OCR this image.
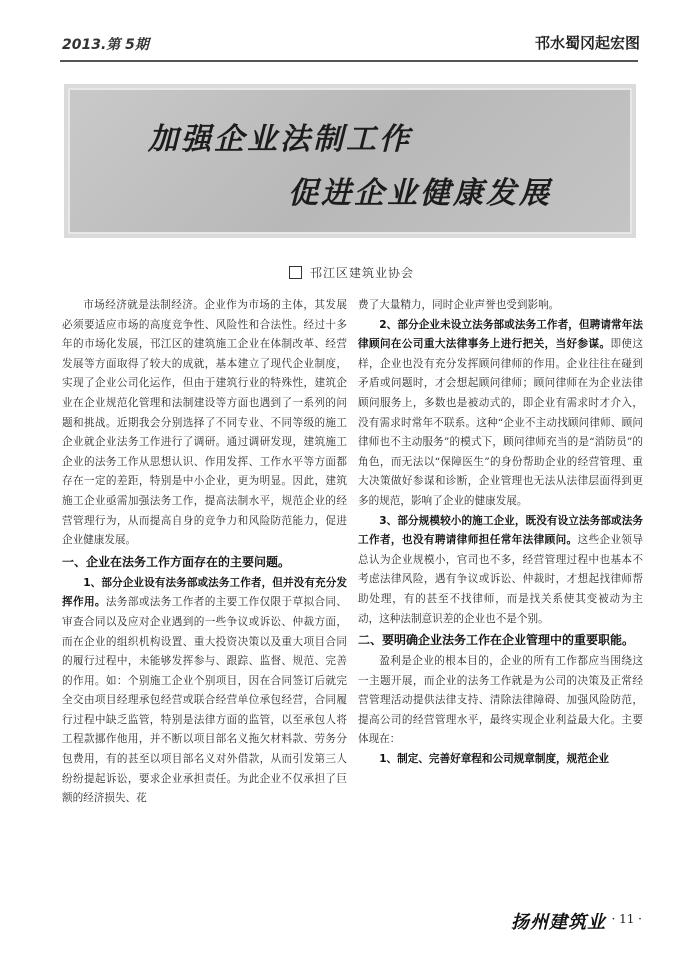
2013.第 5期	邗水蜀冈起宏图
加强企业法制工作
促进企业健康发展
邗江区建筑业协会

市场经济就是法制经济。企业作为市场的主体，其发展必须要适应市场的高度竞争性、风险性和合法性。经过十多年的市场化发展，邗江区的建筑施工企业在体制改革、经营发展等方面取得了较大的成就，基本建立了现代企业制度，实现了企业公司化运作，但由于建筑行业的特殊性，建筑企业在企业规范化管理和法制建设等方面也遇到了一系列的问题和挑战。近期我会分别选择了不同专业、不同等级的施工企业就企业法务工作进行了调研。通过调研发现，建筑施工企业的法务工作从思想认识、作用发挥、工作水平等方面都存在一定的差距，特别是中小企业，更为明显。因此，建筑施工企业亟需加强法务工作，提高法制水平，规范企业的经营管理行为，从而提高自身的竞争力和风险防范能力，促进企业健康发展。

一、企业在法务工作方面存在的主要问题。

1、部分企业设有法务部或法务工作者，但并没有充分发挥作用。法务部或法务工作者的主要工作仅限于草拟合同、审查合同以及应对企业遇到的一些争议或诉讼、仲裁方面，而在企业的组织机构设置、重大投资决策以及重大项目合同的履行过程中，未能够发挥参与、跟踪、监督、规范、完善的作用。如：个别施工企业个别项目，因在合同签订后就完全交由项目经理承包经营或联合经营单位承包经营，合同履行过程中缺乏监管，特别是法律方面的监管，以至承包人将工程款挪作他用，并不断以项目部名义拖欠材料款、劳务分包费用，有的甚至以项目部名义对外借款，从而引发第三人纷纷提起诉讼，要求企业承担责任。为此企业不仅承担了巨额的经济损失、花

费了大量精力，同时企业声誉也受到影响。

2、部分企业未设立法务部或法务工作者，但聘请常年法律顾问在公司重大法律事务上进行把关，当好参谋。即使这样，企业也没有充分发挥顾问律师的作用。企业往往在碰到矛盾或问题时，才会想起顾问律师；顾问律师在为企业法律顾问服务上，多数也是被动式的，即企业有需求时才介入，没有需求时常年不联系。这种“企业不主动找顾问律师、顾问律师也不主动服务”的模式下，顾问律师充当的是“消防员”的角色，而无法以“保障医生”的身份帮助企业的经营管理、重大决策做好参谋和诊断，企业管理也无法从法律层面得到更多的规范，影响了企业的健康发展。

3、部分规模较小的施工企业，既没有设立法务部或法务工作者，也没有聘请律师担任常年法律顾问。这些企业领导总认为企业规模小，官司也不多，经营管理过程中也基本不考虑法律风险，遇有争议或诉讼、仲裁时，才想起找律师帮助处理，有的甚至不找律师，而是找关系使其变被动为主动，这种法制意识差的企业也不是个别。

二、要明确企业法务工作在企业管理中的重要职能。

盈利是企业的根本目的，企业的所有工作都应当围绕这一主题开展，而企业的法务工作就是为公司的决策及正常经营管理活动提供法律支持、清除法律障碍、加强风险防范，提高公司的经营管理水平，最终实现企业利益最大化。主要体现在：

1、制定、完善好章程和公司规章制度，规范企业

扬州建筑业 · 11 ·
